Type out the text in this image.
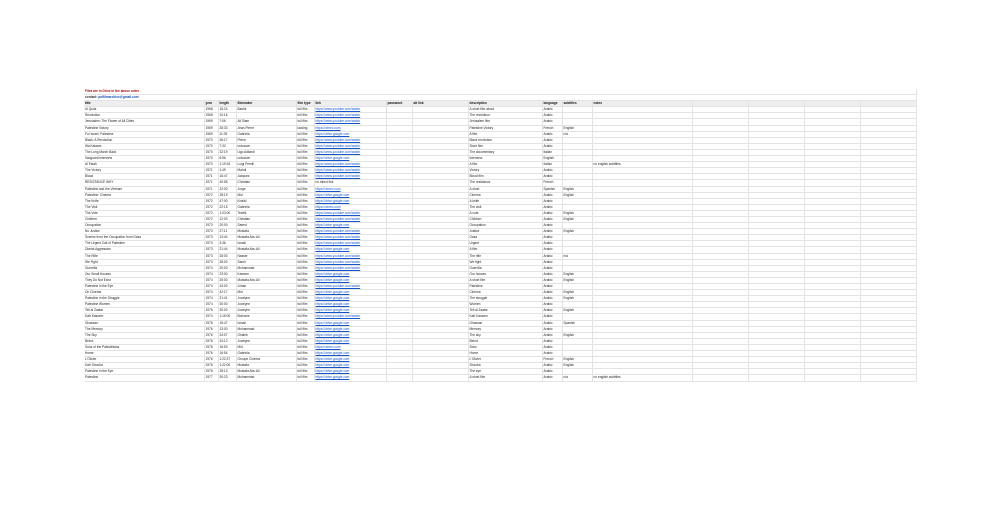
Files are in Drive in the above order															
contact: palfilmarchive@gmail.com															
title	year	length	filmmaker	film type	link	password	alt link	description	language	subtitles	notes				
Al Quds	1968	16:24	Bashir	full film	https://www.youtube.com/watch			A short film about	Arabic						
Revolution	1968	10:16		full film	https://www.youtube.com/watch			The revolution	Arabic						
Jerusalem: The Flower of All Cities	1969	7:06	Ali Siam	full film	https://www.youtube.com/watch			Jerusalem film	Arabic						
Palestine Victory	1969	28:33	Jean-Pierre	lacking	https://vimeo.com			Palestine Victory	French	English					
For Israel, Palestine	1969	11:09	Gabriela	full film	https://drive.google.com			A film	Arabic	n/a					
Black: A Revolution	1970	36:17	Pierre	full film	https://www.youtube.com/watch			Black revolution	Arabic						
Wa Kalaam	1970	7:32	unknown	full film	https://www.youtube.com/watch			Short film	Arabic						
The Long March Back	1970	32:19	Ugo Adilardi	full film	https://www.youtube.com/watch			The documentary	Italian						
Vanguard interview	1970	6:56	unknown	full film	https://drive.google.com			Interview	English						
Al Fatah	1970	1:19:34	Luigi Perelli	full film	https://www.youtube.com/watch			A film	Italian		no english subtitles				
The Victory	1971	1:49	Mahdi	full film	https://www.youtube.com/watch			Victory	Arabic						
Blood	1971	16:47	Jacques	full film	https://www.youtube.com/watch			Blood film	Arabic						
RESISTANCE WHY	1971	40:55	Christian	full film	no direct link			The resistance	French						
Palestine and the Vietnam	1971	22:00	Jorge	full film	https://vimeo.com			A short	Spanish	English					
Palestine: Cinema	1972	28:19	Mid	full film	https://drive.google.com			Cinema	Arabic	English					
The Knife	1972	47:00	Khalid	full film	https://drive.google.com			A knife	Arabic						
The Visit	1972	22:15	Gabriela	full film	https://vimeo.com			The visit	Arabic						
The Vote	1972	1:03:00	Tewfik	full film	https://www.youtube.com/watch			A vote	Arabic	English					
Children	1972	12:00	Christian	full film	https://www.youtube.com/watch			Children	Arabic	English					
Occupation	1973	20:00	Saeed	full film	https://drive.google.com			Occupation	Arabic						
No Justice	1973	27:11	Mustafa	full film	https://www.youtube.com/watch			Justice	Arabic	English					
Scenes from the Occupation from Gaza	1973	13:44	Mustafa Abu Ali	full film	https://www.youtube.com/watch			Gaza	Arabic						
The Urgent Call of Palestine	1973	3:36	Ismail	full film	https://www.youtube.com/watch			Urgent	Arabic						
Zionist Aggression	1973	21:44	Mustafa Abu Ali	full film	https://drive.google.com			A film	Arabic						
The Rifle	1973	28:00	Nasser	full film	https://www.youtube.com/watch			The rifle	Arabic	n/a					
We Fight	1973	28:00	Samir	full film	https://www.youtube.com/watch			We fight	Arabic						
Guerrilla	1974	20:00	Mohammad	full film	https://www.youtube.com/watch			Guerrilla	Arabic						
Our Small Houses	1974	23:00	Kassem	full film	https://drive.google.com			Our houses	Arabic	English					
They Do Not Exist	1974	25:00	Mustafa Abu Ali	full film	https://drive.google.com			A short film	Arabic	English					
Palestine in the Eye	1974	43:00	Johan	full film	https://www.youtube.com/watch			Palestine	Arabic						
On Cinema	1974	42:17	Mid	full film	https://drive.google.com			Cinema	Arabic	English					
Palestine in the Struggle	1974	21:41	Jocelyne	full film	https://drive.google.com			The struggle	Arabic	English					
Palestine Women	1974	30:00	Jocelyne	full film	https://drive.google.com			Women	Arabic						
Tell al Zaatar	1976	30:00	Jocelyne	full film	https://drive.google.com			Tell al Zaatar	Arabic	English					
Kafr Kassem	1974	1:15:00	Borhane	full film	https://www.youtube.com/watch			Kafr Kassem	Arabic						
Ghassan	1976	16:47	Ismail	full film	https://drive.google.com			Ghassan	Arabic	Spanish					
The Memory	1976	13:00	Mohammad	full film	https://drive.google.com			Memory	Arabic						
The Sky	1976	24:07	Ghaleb	full film	https://drive.google.com			The sky	Arabic	English					
Beirut	1976	34:12	Jocelyne	full film	https://drive.google.com			Beirut	Arabic						
Sons of the Palestinians	1976	16:53	Mid	full film	https://vimeo.com			Sons	Arabic						
Home	1976	16:54	Gabriela	full film	https://drive.google.com			Home	Arabic						
L'Olivier	1976	1:22:27	Groupe Cinema	full film	https://drive.google.com			L'Olivier	French	English					
Kafr Shouba	1976	1:22:00	Mustafa	full film	https://drive.google.com			Shouba	Arabic	English					
Palestine in the Eye	1976	28:13	Mustafa Abu Ali	full film	https://drive.google.com			The eye	Arabic						
Palestine	1977	30:23	Mohammad	full film	https://drive.google.com			A short film	Arabic	n/a	no english subtitles				
